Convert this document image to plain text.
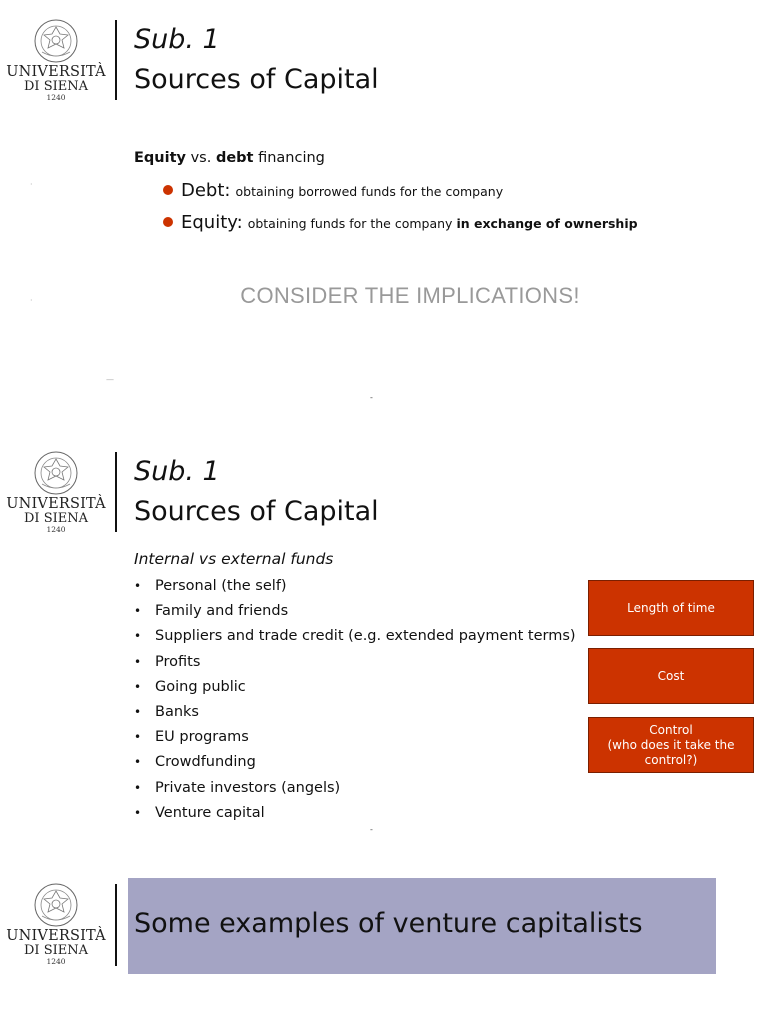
UNIVERSITÀ
DI SIENA
1240
Sub. 1
Sources of Capital
Equity vs. debt financing
Debt: obtaining borrowed funds for the company
Equity: obtaining funds for the company in exchange of ownership
CONSIDER THE IMPLICATIONS!
·
·
—
-
UNIVERSITÀ
DI SIENA
1240
Sub. 1
Sources of Capital
Internal vs external funds
• Personal (the self)
• Family and friends
• Suppliers and trade credit (e.g. extended payment terms)
• Profits
• Going public
• Banks
• EU programs
• Crowdfunding
• Private investors (angels)
• Venture capital
Length of time
Cost
Control
(who does it take the control?)
-
UNIVERSITÀ
DI SIENA
1240
Some examples of venture capitalists
